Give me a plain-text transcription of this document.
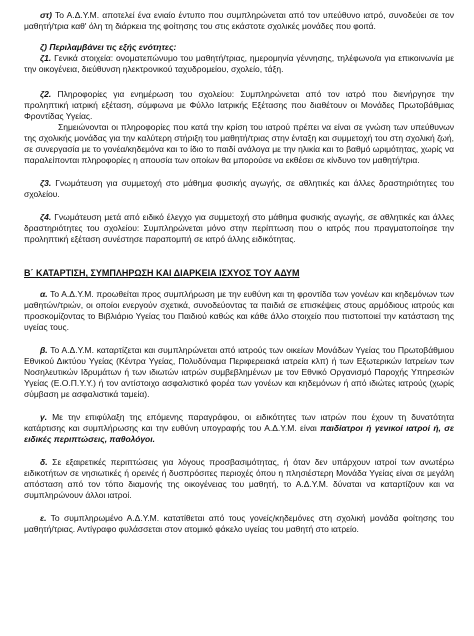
στ) Το Α.Δ.Υ.Μ. αποτελεί ένα ενιαίο έντυπο που συμπληρώνεται από τον υπεύθυνο ιατρό, συνοδεύει σε τον μαθητή/τρια καθ' όλη τη διάρκεια της φοίτησης του στις εκάστοτε σχολικές μονάδες που φοιτά.

ζ) Περιλαμβάνει τις εξής ενότητες:

ζ1. Γενικά στοιχεία: ονοματεπώνυμο του μαθητή/τριας, ημερομηνία γέννησης, τηλέφωνο/α για επικοινωνία με την οικογένεια, διεύθυνση ηλεκτρονικού ταχυδρομείου, σχολείο, τάξη.

ζ2. Πληροφορίες για ενημέρωση του σχολείου: Συμπληρώνεται από τον ιατρό που διενήργησε την προληπτική ιατρική εξέταση, σύμφωνα με Φύλλο Ιατρικής Εξέτασης που διαθέτουν οι Μονάδες Πρωτοβάθμιας Φροντίδας Υγείας.

Σημειώνονται οι πληροφορίες που κατά την κρίση του ιατρού πρέπει να είναι σε γνώση των υπεύθυνων της σχολικής μονάδας για την καλύτερη στήριξη του μαθητή/τριας στην ένταξη και συμμετοχή του στη σχολική ζωή, σε συνεργασία με το γονέα/κηδεμόνα και το ίδιο το παιδί ανάλογα με την ηλικία και το βαθμό ωριμότητας, χωρίς να παραλείπονται πληροφορίες η απουσία των οποίων θα μπορούσε να εκθέσει σε κίνδυνο τον μαθητή/τρια.

ζ3. Γνωμάτευση για συμμετοχή στο μάθημα φυσικής αγωγής, σε αθλητικές και άλλες δραστηριότητες του σχολείου.

ζ4. Γνωμάτευση μετά από ειδικό έλεγχο για συμμετοχή στο μάθημα φυσικής αγωγής, σε αθλητικές και άλλες δραστηριότητες του σχολείου: Συμπληρώνεται μόνο στην περίπτωση που ο ιατρός που πραγματοποίησε την προληπτική εξέταση συνέστησε παραπομπή σε ιατρό άλλης ειδικότητας.

Β΄ ΚΑΤΑΡΤΙΣΗ, ΣΥΜΠΛΗΡΩΣΗ ΚΑΙ ΔΙΑΡΚΕΙΑ ΙΣΧΥΟΣ ΤΟΥ ΑΔΥΜ

α. Το Α.Δ.Υ.Μ. προωθείται προς συμπλήρωση με την ευθύνη και τη φροντίδα των γονέων και κηδεμόνων των μαθητών/τριών, οι οποίοι ενεργούν σχετικά, συνοδεύοντας τα παιδιά σε επισκέψεις στους αρμόδιους ιατρούς και προσκομίζοντας το Βιβλιάριο Υγείας του Παιδιού καθώς και κάθε άλλο στοιχείο που πιστοποιεί την κατάσταση της υγείας τους.

β. Το Α.Δ.Υ.Μ. καταρτίζεται και συμπληρώνεται από ιατρούς των οικείων Μονάδων Υγείας του Πρωτοβάθμιου Εθνικού Δικτύου Υγείας (Κέντρα Υγείας, Πολυδύναμα Περιφερειακά ιατρεία κλπ) ή των Εξωτερικών Ιατρείων των Νοσηλευτικών Ιδρυμάτων ή των ιδιωτών ιατρών συμβεβλημένων με τον Εθνικό Οργανισμό Παροχής Υπηρεσιών Υγείας (Ε.Ο.Π.Υ.Υ.) ή τον αντίστοιχο ασφαλιστικό φορέα των γονέων και κηδεμόνων ή από ιδιώτες ιατρούς (χωρίς σύμβαση με ασφαλιστικά ταμεία).

γ. Με την επιφύλαξη της επόμενης παραγράφου, οι ειδικότητες των ιατρών που έχουν τη δυνατότητα κατάρτισης και συμπλήρωσης και την ευθύνη υπογραφής του Α.Δ.Υ.Μ. είναι παιδίατροι ή γενικοί ιατροί ή, σε ειδικές περιπτώσεις, παθολόγοι.

δ. Σε εξαιρετικές περιπτώσεις για λόγους προσβασιμότητας, ή όταν δεν υπάρχουν ιατροί των ανωτέρω ειδικοτήτων σε νησιωτικές ή ορεινές ή δυσπρόσιτες περιοχές όπου η πλησιέστερη Μονάδα Υγείας είναι σε μεγάλη απόσταση από τον τόπο διαμονής της οικογένειας του μαθητή, το Α.Δ.Υ.Μ. δύναται να καταρτίζουν και να συμπληρώνουν άλλοι ιατροί.

ε. Το συμπληρωμένο Α.Δ.Υ.Μ. κατατίθεται από τους γονείς/κηδεμόνες στη σχολική μονάδα φοίτησης του μαθητή/τριας. Αντίγραφο φυλάσσεται στον ατομικό φάκελο υγείας του μαθητή στο ιατρείο.
